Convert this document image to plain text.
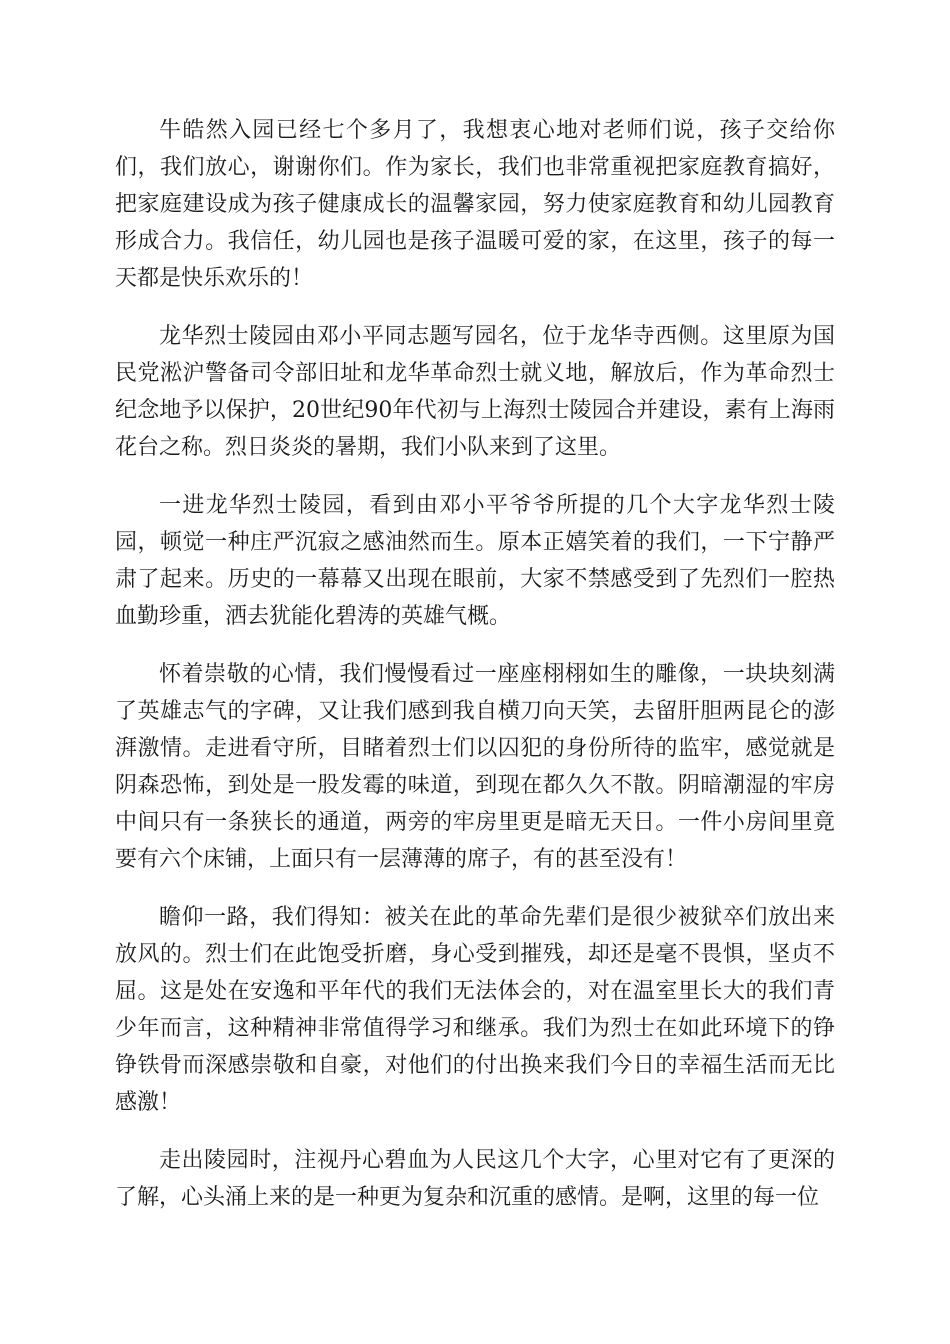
牛皓然入园已经七个多月了，我想衷心地对老师们说，孩子交给你们，我们放心，谢谢你们。作为家长，我们也非常重视把家庭教育搞好，把家庭建设成为孩子健康成长的温馨家园，努力使家庭教育和幼儿园教育形成合力。我信任，幼儿园也是孩子温暖可爱的家，在这里，孩子的每一天都是快乐欢乐的！

龙华烈士陵园由邓小平同志题写园名，位于龙华寺西侧。这里原为国民党淞沪警备司令部旧址和龙华革命烈士就义地，解放后，作为革命烈士纪念地予以保护，20世纪90年代初与上海烈士陵园合并建设，素有上海雨花台之称。烈日炎炎的暑期，我们小队来到了这里。

一进龙华烈士陵园，看到由邓小平爷爷所提的几个大字龙华烈士陵园，顿觉一种庄严沉寂之感油然而生。原本正嬉笑着的我们，一下宁静严肃了起来。历史的一幕幕又出现在眼前，大家不禁感受到了先烈们一腔热血勤珍重，洒去犹能化碧涛的英雄气概。

怀着崇敬的心情，我们慢慢看过一座座栩栩如生的雕像，一块块刻满了英雄志气的字碑，又让我们感到我自横刀向天笑，去留肝胆两昆仑的澎湃激情。走进看守所，目睹着烈士们以囚犯的身份所待的监牢，感觉就是阴森恐怖，到处是一股发霉的味道，到现在都久久不散。阴暗潮湿的牢房中间只有一条狭长的通道，两旁的牢房里更是暗无天日。一件小房间里竟要有六个床铺，上面只有一层薄薄的席子，有的甚至没有！

瞻仰一路，我们得知：被关在此的革命先辈们是很少被狱卒们放出来放风的。烈士们在此饱受折磨，身心受到摧残，却还是毫不畏惧，坚贞不屈。这是处在安逸和平年代的我们无法体会的，对在温室里长大的我们青少年而言，这种精神非常值得学习和继承。我们为烈士在如此环境下的铮铮铁骨而深感崇敬和自豪，对他们的付出换来我们今日的幸福生活而无比感激！

走出陵园时，注视丹心碧血为人民这几个大字，心里对它有了更深的了解，心头涌上来的是一种更为复杂和沉重的感情。是啊，这里的每一位
